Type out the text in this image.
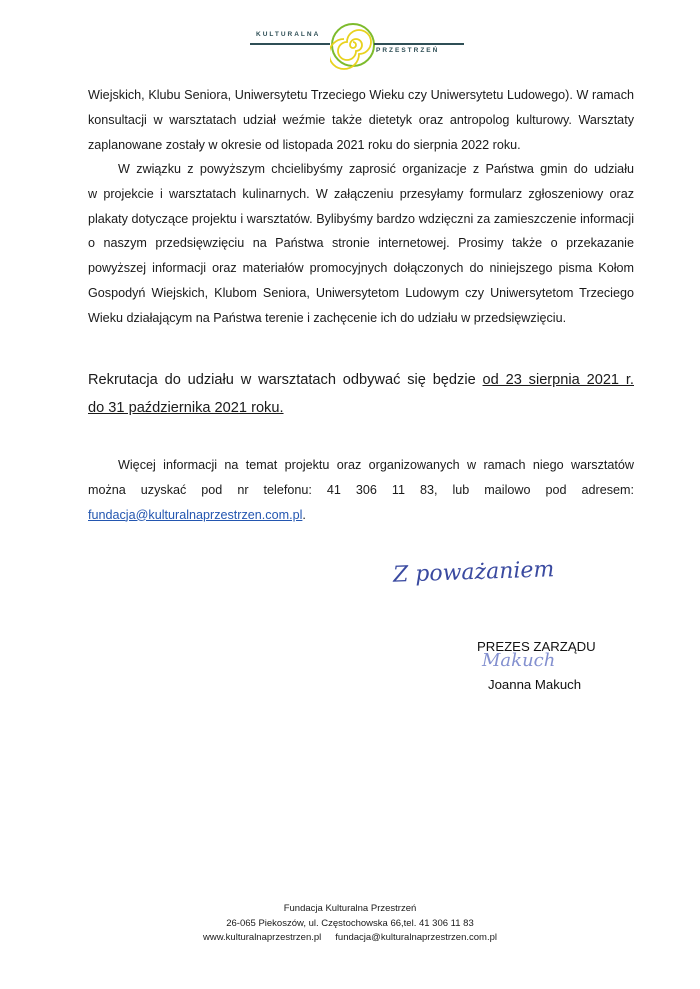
KULTURALNA
PRZESTRZEŃ
Wiejskich, Klubu Seniora, Uniwersytetu Trzeciego Wieku czy Uniwersytetu Ludowego). W ramach
konsultacji w warsztatach udział weźmie także dietetyk oraz antropolog kulturowy. Warsztaty
zaplanowane zostały w okresie od listopada 2021 roku do sierpnia 2022 roku.
W związku z powyższym chcielibyśmy zaprosić organizacje z Państwa gmin do udziału
w projekcie i warsztatach kulinarnych. W załączeniu przesyłamy formularz zgłoszeniowy oraz
plakaty dotyczące projektu i warsztatów. Bylibyśmy bardzo wdzięczni za zamieszczenie informacji
o naszym przedsięwzięciu na Państwa stronie internetowej. Prosimy także o przekazanie
powyższej informacji oraz materiałów promocyjnych dołączonych do niniejszego pisma Kołom
Gospodyń Wiejskich, Klubom Seniora, Uniwersytetom Ludowym czy Uniwersytetom Trzeciego
Wieku działającym na Państwa terenie i zachęcenie ich do udziału w przedsięwzięciu.
Rekrutacja do udziału w warsztatach odbywać się będzie od 23 sierpnia 2021 r.
do 31 października 2021 roku.
Więcej informacji na temat projektu oraz organizowanych w ramach niego warsztatów
można uzyskać pod nr telefonu: 41 306 11 83, lub mailowo pod adresem:
fundacja@kulturalnaprzestrzen.com.pl.
Z poważaniem
PREZES ZARZĄDU
Joanna Makuch
Makuch
Fundacja Kulturalna Przestrzeń
26-065 Piekoszów, ul. Częstochowska 66,tel. 41 306 11 83
www.kulturalnaprzestrzen.pl fundacja@kulturalnaprzestrzen.com.pl
